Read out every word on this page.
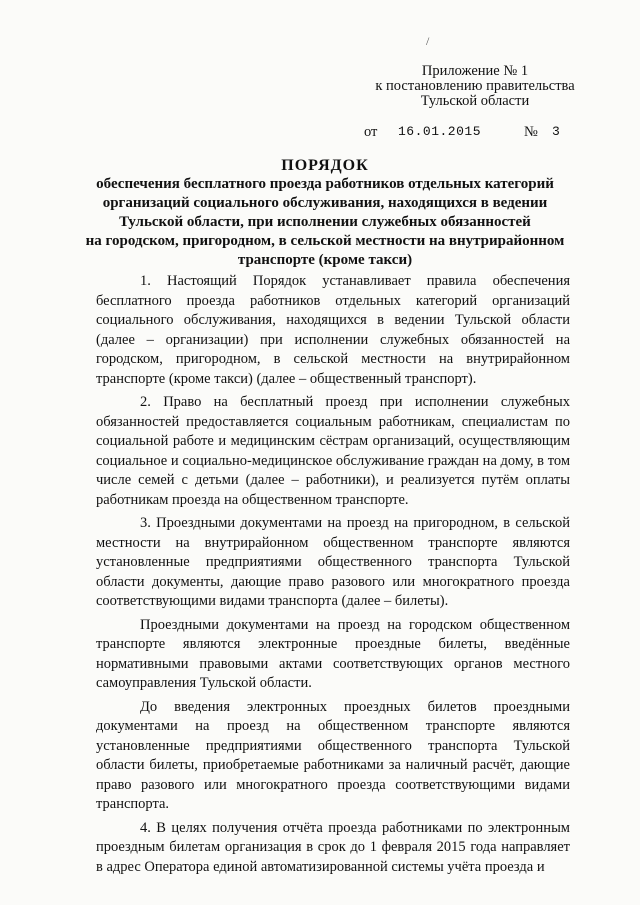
/
Приложение № 1
к постановлению правительства
Тульской области
от 16.01.2015	№ 3
ПОРЯДОК
обеспечения бесплатного проезда работников отдельных категорий
организаций социального обслуживания, находящихся в ведении
Тульской области, при исполнении служебных обязанностей
на городском, пригородном, в сельской местности на внутрирайонном
транспорте (кроме такси)

1. Настоящий Порядок устанавливает правила обеспечения бесплатного проезда работников отдельных категорий организаций социального обслуживания, находящихся в ведении Тульской области (далее – организации) при исполнении служебных обязанностей на городском, пригородном, в сельской местности на внутрирайонном транспорте (кроме такси) (далее – общественный транспорт).

2. Право на бесплатный проезд при исполнении служебных обязанностей предоставляется социальным работникам, специалистам по социальной работе и медицинским сёстрам организаций, осуществляющим социальное и социально-медицинское обслуживание граждан на дому, в том числе семей с детьми (далее – работники), и реализуется путём оплаты работникам проезда на общественном транспорте.

3. Проездными документами на проезд на пригородном, в сельской местности на внутрирайонном общественном транспорте являются установленные предприятиями общественного транспорта Тульской области документы, дающие право разового или многократного проезда соответствующими видами транспорта (далее – билеты).

Проездными документами на проезд на городском общественном транспорте являются электронные проездные билеты, введённые нормативными правовыми актами соответствующих органов местного самоуправления Тульской области.

До введения электронных проездных билетов проездными документами на проезд на общественном транспорте являются установленные предприятиями общественного транспорта Тульской области билеты, приобретаемые работниками за наличный расчёт, дающие право разового или многократного проезда соответствующими видами транспорта.

4. В целях получения отчёта проезда работниками по электронным проездным билетам организация в срок до 1 февраля 2015 года направляет в адрес Оператора единой автоматизированной системы учёта проезда и
